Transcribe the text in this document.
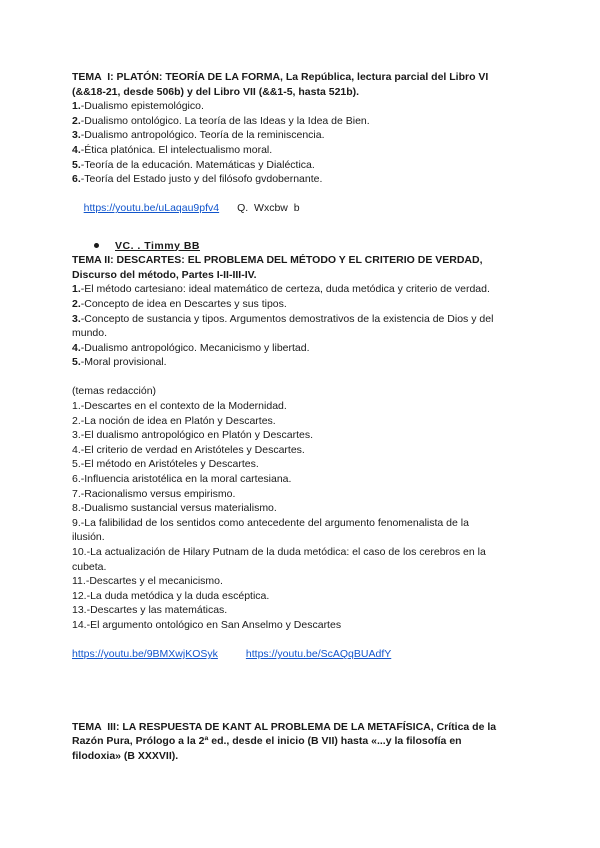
TEMA  I: PLATÓN: TEORÍA DE LA FORMA, La República, lectura parcial del Libro VI
(&&18-21, desde 506b) y del Libro VII (&&1-5, hasta 521b).
1.-Dualismo epistemológico.
2.-Dualismo ontológico. La teoría de las Ideas y la Idea de Bien.
3.-Dualismo antropológico. Teoría de la reminiscencia.
4.-Ética platónica. El intelectualismo moral.
5.-Teoría de la educación. Matemáticas y Dialéctica.
6.-Teoría del Estado justo y del filósofo gvdobernante.

https://youtu.be/uLaqau9pfv4 Q.  Wxcbw  b

VC. . Timmy BB
TEMA II: DESCARTES: EL PROBLEMA DEL MÉTODO Y EL CRITERIO DE VERDAD,
Discurso del método, Partes I-II-III-IV.
1.-El método cartesiano: ideal matemático de certeza, duda metódica y criterio de verdad.
2.-Concepto de idea en Descartes y sus tipos.
3.-Concepto de sustancia y tipos. Argumentos demostrativos de la existencia de Dios y del
mundo.
4.-Dualismo antropológico. Mecanicismo y libertad.
5.-Moral provisional.
(temas redacción)
1.-Descartes en el contexto de la Modernidad.
2.-La noción de idea en Platón y Descartes.
3.-El dualismo antropológico en Platón y Descartes.
4.-El criterio de verdad en Aristóteles y Descartes.
5.-El método en Aristóteles y Descartes.
6.-Influencia aristotélica en la moral cartesiana.
7.-Racionalismo versus empirismo.
8.-Dualismo sustancial versus materialismo.
9.-La falibilidad de los sentidos como antecedente del argumento fenomenalista de la
ilusión.
10.-La actualización de Hilary Putnam de la duda metódica: el caso de los cerebros en la
cubeta.
11.-Descartes y el mecanicismo.
12.-La duda metódica y la duda escéptica.
13.-Descartes y las matemáticas.
14.-El argumento ontológico en San Anselmo y Descartes
https://youtu.be/9BMXwjKOSyk	https://youtu.be/ScAQqBUAdfY
TEMA  III: LA RESPUESTA DE KANT AL PROBLEMA DE LA METAFÍSICA, Crítica de la
Razón Pura, Prólogo a la 2ª ed., desde el inicio (B VII) hasta «...y la filosofía en
filodoxia» (B XXXVII).
